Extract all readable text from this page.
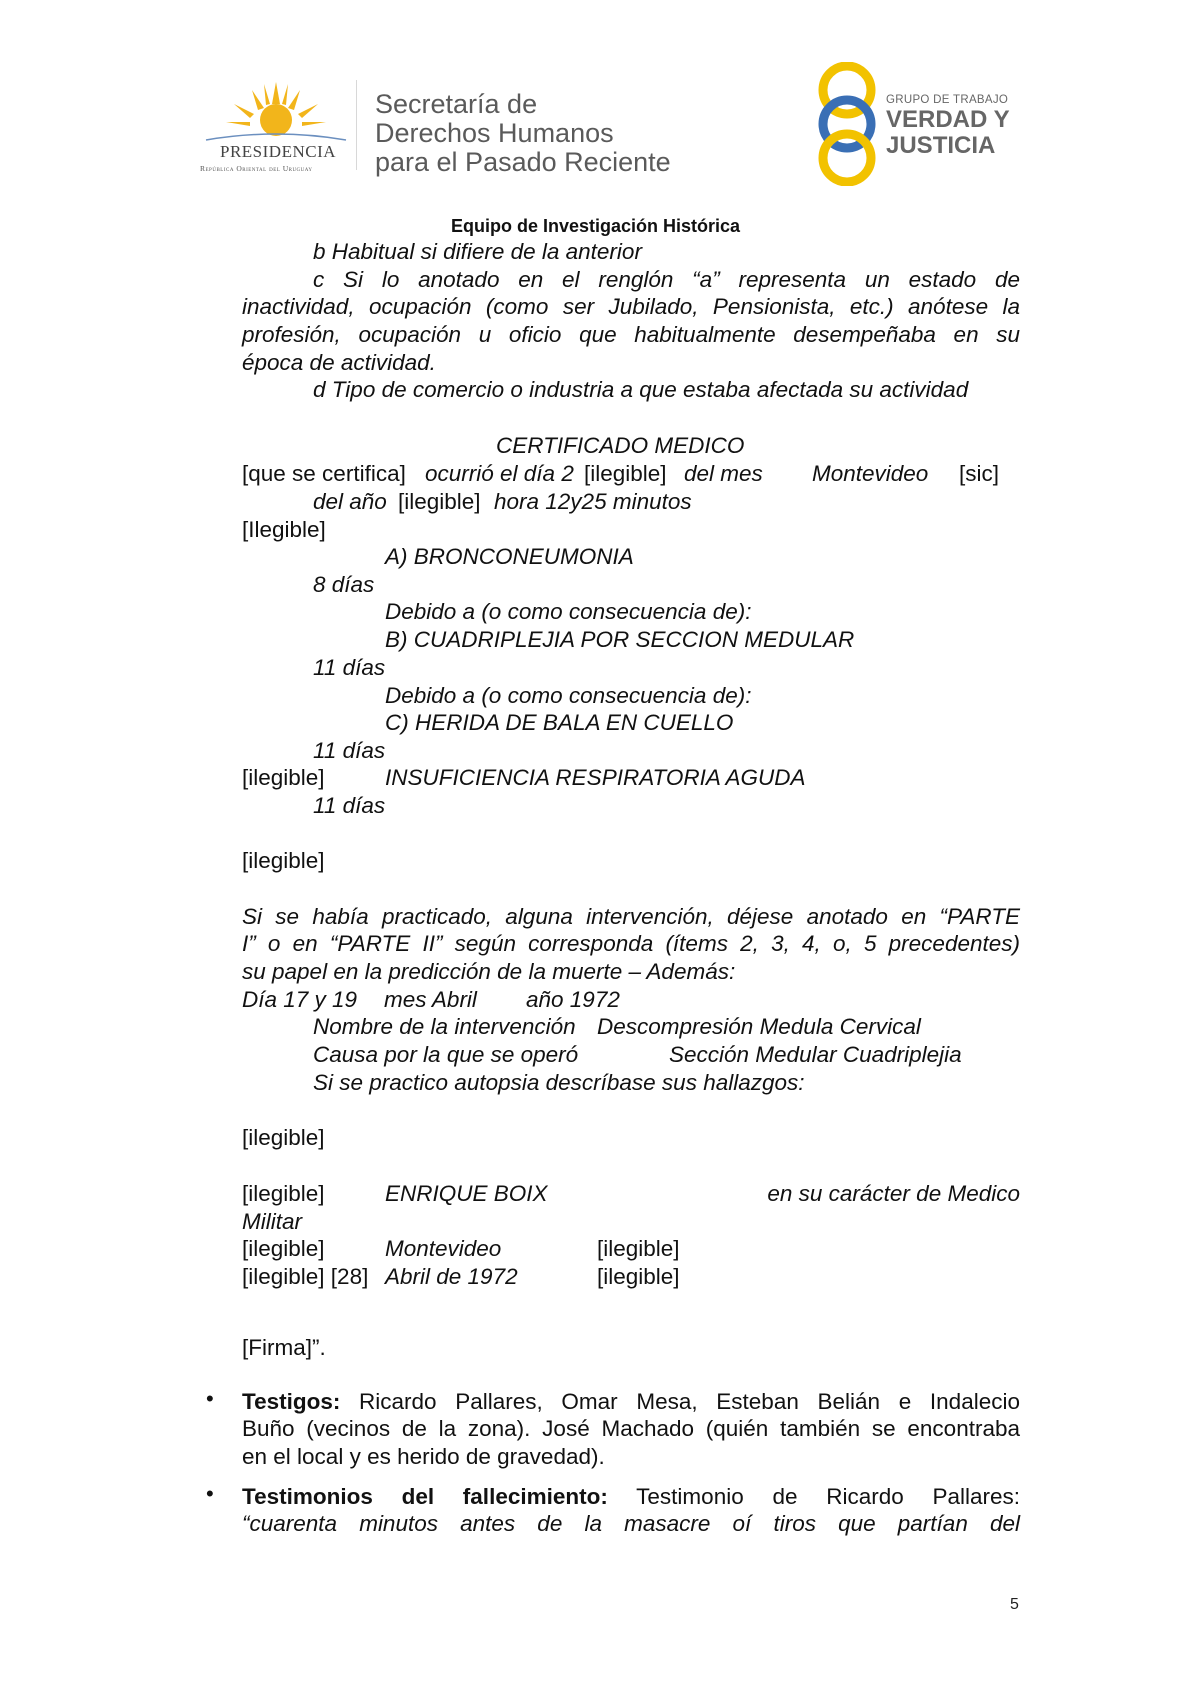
PRESIDENCIA
República Oriental del Uruguay
Secretaría de
Derechos Humanos
para el Pasado Reciente
GRUPO DE TRABAJO
VERDAD Y
JUSTICIA
Equipo de Investigación Histórica
b Habitual si difiere de la anterior
c Si lo anotado en el renglón “a” representa un estado de
inactividad, ocupación (como ser Jubilado, Pensionista, etc.) anótese la
profesión, ocupación u oficio que habitualmente desempeñaba en su
época de actividad.
d Tipo de comercio o industria a que estaba afectada su actividad
CERTIFICADO MEDICO
[que se certifica] ocurrió el día 2 [ilegible] del mes Montevideo [sic]
del año [ilegible] hora 12y25 minutos
[Ilegible]
A) BRONCONEUMONIA
8 días
Debido a (o como consecuencia de):
B) CUADRIPLEJIA POR SECCION MEDULAR
11 días
Debido a (o como consecuencia de):
C) HERIDA DE BALA EN CUELLO
11 días
[ilegible]	INSUFICIENCIA RESPIRATORIA AGUDA
11 días
[ilegible]
Si se había practicado, alguna intervención, déjese anotado en “PARTE
I” o en “PARTE II” según corresponda (ítems 2, 3, 4, o, 5 precedentes)
su papel en la predicción de la muerte – Además:
Día 17 y 19 mes Abril año 1972
Nombre de la intervención Descompresión Medula Cervical
Causa por la que se operó	Sección Medular Cuadriplejia
Si se practico autopsia descríbase sus hallazgos:
[ilegible]
[ilegible]	ENRIQUE BOIX	en su carácter de Medico
Militar
[ilegible]	Montevideo	[ilegible]
[ilegible] [28] Abril de 1972	[ilegible]
[Firma]”.
• Testigos: Ricardo Pallares, Omar Mesa, Esteban Belián e Indalecio
Buño (vecinos de la zona). José Machado (quién también se encontraba
en el local y es herido de gravedad).
• Testimonios del fallecimiento: Testimonio de Ricardo Pallares:
“cuarenta minutos antes de la masacre oí tiros que partían del
5
